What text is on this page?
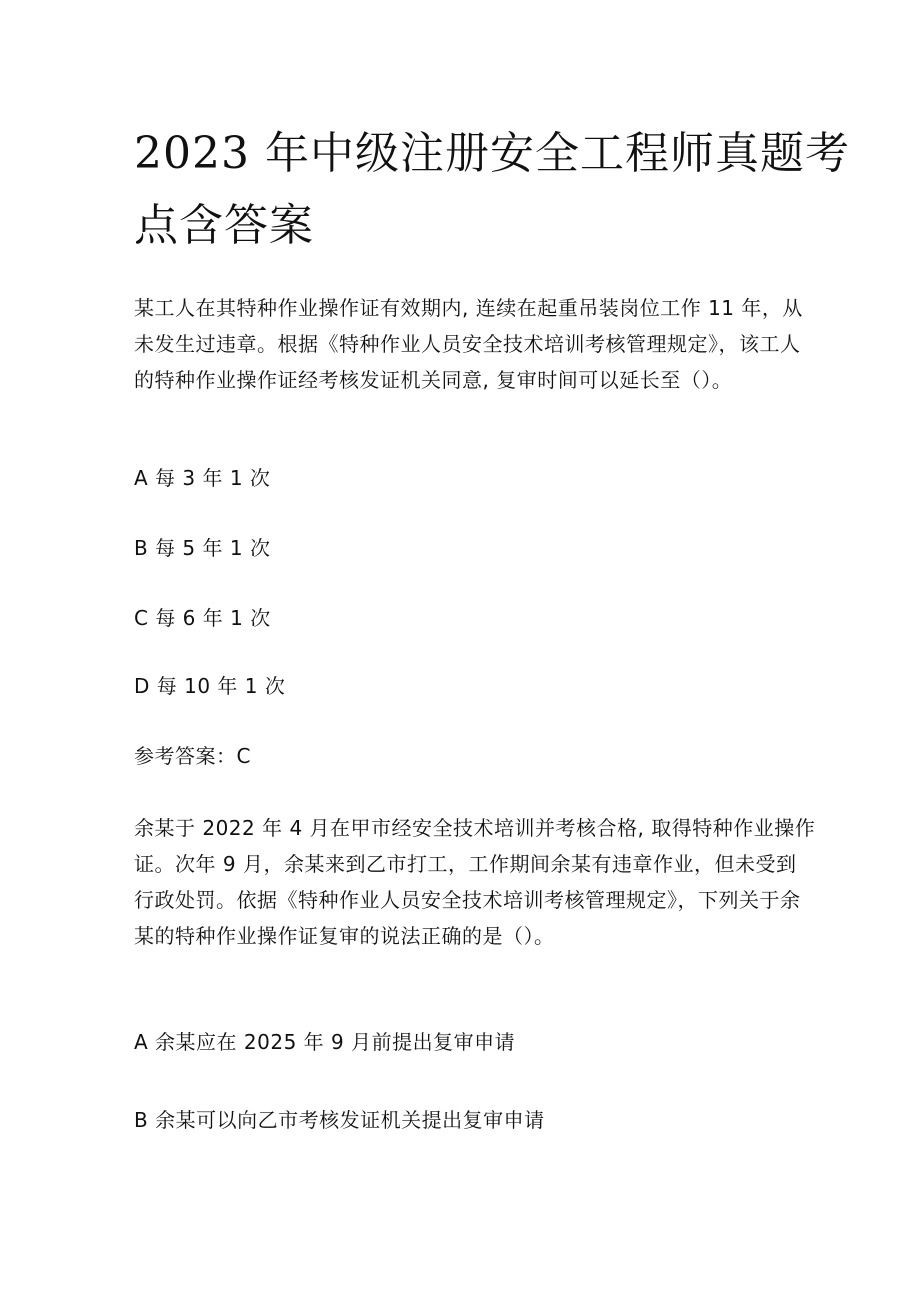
2023 年中级注册安全工程师真题考
点含答案

某工人在其特种作业操作证有效期内, 连续在起重吊装岗位工作 11 年，从
未发生过违章。根据《特种作业人员安全技术培训考核管理规定》，该工人
的特种作业操作证经考核发证机关同意, 复审时间可以延长至（）。

A 每 3 年 1 次

B 每 5 年 1 次

C 每 6 年 1 次

D 每 10 年 1 次

参考答案：C

余某于 2022 年 4 月在甲市经安全技术培训并考核合格, 取得特种作业操作
证。次年 9 月，余某来到乙市打工，工作期间余某有违章作业，但未受到
行政处罚。依据《特种作业人员安全技术培训考核管理规定》，下列关于余
某的特种作业操作证复审的说法正确的是（）。

A 余某应在 2025 年 9 月前提出复审申请

B 余某可以向乙市考核发证机关提出复审申请
